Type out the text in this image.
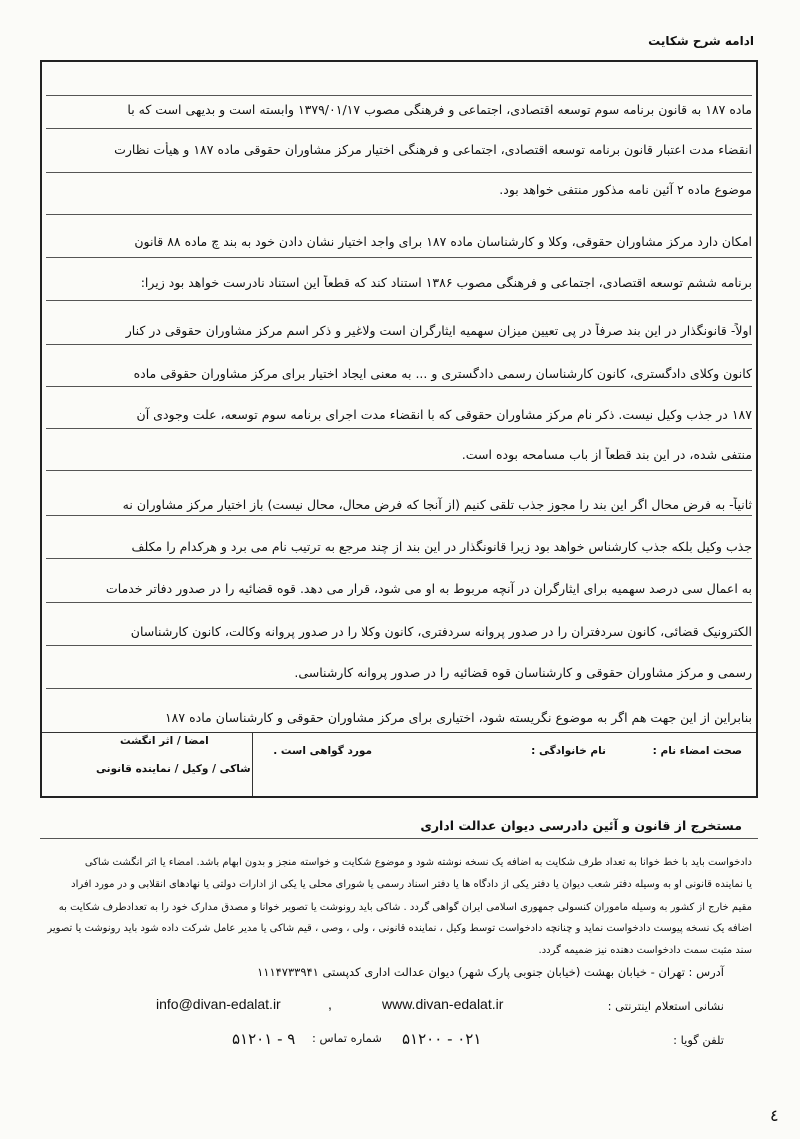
ادامه شرح شکایت
ماده ۱۸۷ به قانون برنامه سوم توسعه اقتصادی، اجتماعی و فرهنگی مصوب ۱۳۷۹/۰۱/۱۷ وابسته است و بدیهی است که با
انقضاء مدت اعتبار قانون برنامه توسعه اقتصادی، اجتماعی و فرهنگی اختیار مرکز مشاوران حقوقی ماده ۱۸۷ و هیأت نظارت
موضوع ماده ۲ آئین نامه مذکور منتفی خواهد بود.
امکان دارد مرکز مشاوران حقوقی، وکلا و کارشناسان ماده ۱۸۷ برای واجد اختیار نشان دادن خود به بند چ ماده ۸۸ قانون
برنامه ششم توسعه اقتصادی، اجتماعی و فرهنگی مصوب ۱۳۸۶ استناد کند که قطعاً این استناد نادرست خواهد بود زیرا:
اولاً- قانونگذار در این بند صرفاً در پی تعیین میزان سهمیه ایثارگران است ولاغیر و ذکر اسم مرکز مشاوران حقوقی در کنار
کانون وکلای دادگستری، کانون کارشناسان رسمی دادگستری و ... به معنی ایجاد اختیار برای مرکز مشاوران حقوقی ماده
۱۸۷ در جذب وکیل نیست. ذکر نام مرکز مشاوران حقوقی که با انقضاء مدت اجرای برنامه سوم توسعه، علت وجودی آن
منتفی شده، در این بند قطعاً از باب مسامحه بوده است.
ثانیاً- به فرض محال اگر این بند را مجوز جذب تلقی کنیم (از آنجا که فرض محال، محال نیست) باز اختیار مرکز مشاوران نه
جذب وکیل بلکه جذب کارشناس خواهد بود زیرا قانونگذار در این بند از چند مرجع به ترتیب نام می برد و هرکدام را مکلف
به اعمال سی درصد سهمیه برای ایثارگران در آنچه مربوط به او می شود، قرار می دهد. قوه قضائیه را در صدور دفاتر خدمات
الکترونیک قضائی، کانون سردفتران را در صدور پروانه سردفتری، کانون وکلا را در صدور پروانه وکالت، کانون کارشناسان
رسمی و مرکز مشاوران حقوقی و کارشناسان قوه قضائیه را در صدور پروانه کارشناسی.
بنابراین از این جهت هم اگر به موضوع نگریسته شود، اختیاری برای مرکز مشاوران حقوقی و کارشناسان ماده ۱۸۷
صحت امضاء نام :
نام خانوادگی :
مورد گواهی است .
امضا / اثر انگشت
شاکی / وکیل / نماینده قانونی
مستخرج از قانون و آئین دادرسی دیوان عدالت اداری
دادخواست باید با خط خوانا به تعداد طرف شکایت به اضافه یک نسخه نوشته شود و موضوع شکایت و خواسته منجز و بدون ابهام باشد. امضاء یا اثر انگشت شاکی
یا نماینده قانونی او به وسیله دفتر شعب دیوان یا دفتر یکی از دادگاه ها یا دفتر اسناد رسمی یا شورای محلی یا یکی از ادارات دولتی یا نهادهای انقلابی و در مورد افراد
مقیم خارج از کشور به وسیله ماموران کنسولی جمهوری اسلامی ایران گواهی گردد . شاکی باید رونوشت یا تصویر خوانا و مصدق مدارک خود را به تعدادطرف شکایت به
اضافه یک نسخه پیوست دادخواست نماید و چنانچه دادخواست توسط وکیل ، نماینده قانونی ، ولی ، وصی ، قیم شاکی یا مدیر عامل شرکت داده شود باید رونوشت یا تصویر
سند مثبت سمت دادخواست دهنده نیز ضمیمه گردد.
آدرس : تهران - خیابان بهشت (خیابان جنوبی پارک شهر) دیوان عدالت اداری کدپستی ۱۱۱۴۷۳۳۹۴۱
نشانی استعلام اینترنتی :
www.divan-edalat.ir
,
info@divan-edalat.ir
تلفن گویا :
۰۲۱ - ۵۱۲۰۰
شماره تماس :
۹ - ۵۱۲۰۱
٤
